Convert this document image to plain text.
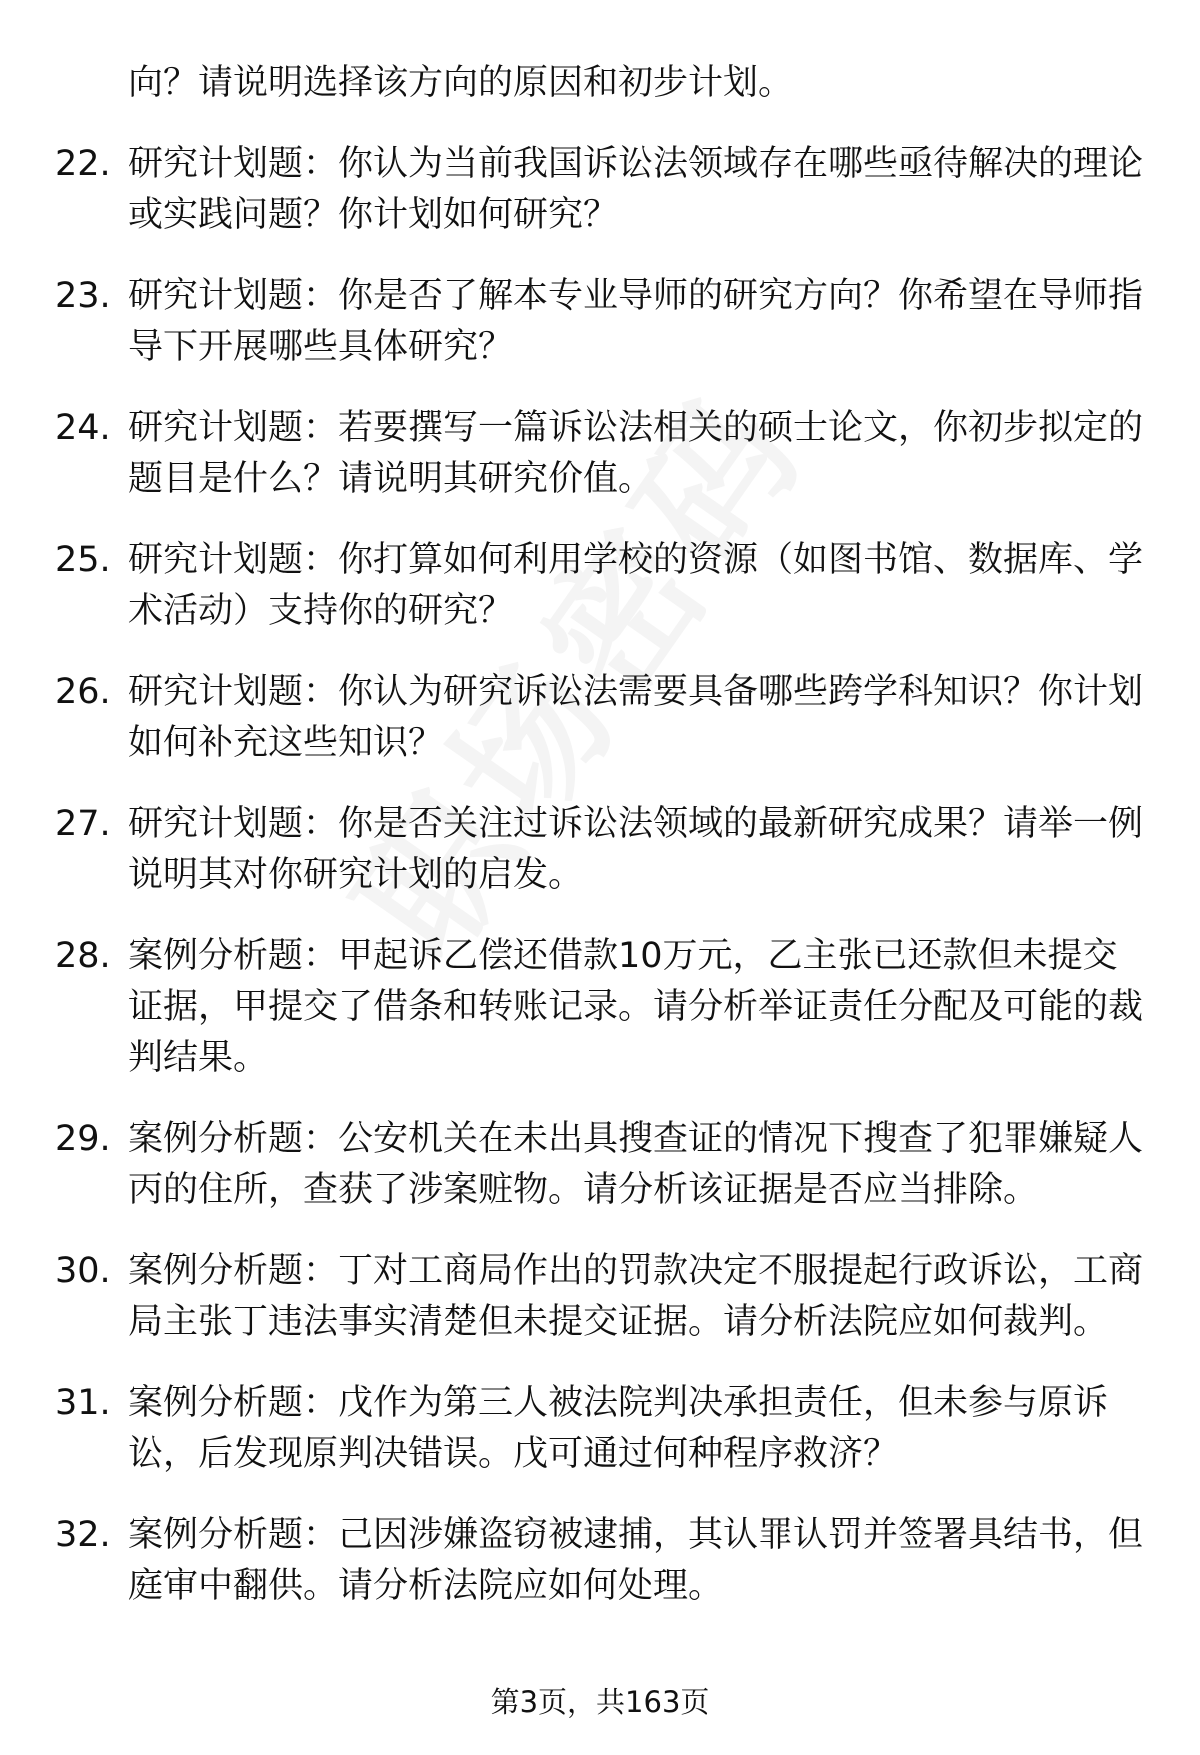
向？请说明选择该方向的原因和初步计划。
22. 研究计划题：你认为当前我国诉讼法领域存在哪些亟待解决的理论或实践问题？你计划如何研究？
23. 研究计划题：你是否了解本专业导师的研究方向？你希望在导师指导下开展哪些具体研究？
24. 研究计划题：若要撰写一篇诉讼法相关的硕士论文，你初步拟定的题目是什么？请说明其研究价值。
25. 研究计划题：你打算如何利用学校的资源（如图书馆、数据库、学术活动）支持你的研究？
26. 研究计划题：你认为研究诉讼法需要具备哪些跨学科知识？你计划如何补充这些知识？
27. 研究计划题：你是否关注过诉讼法领域的最新研究成果？请举一例说明其对你研究计划的启发。
28. 案例分析题：甲起诉乙偿还借款10万元，乙主张已还款但未提交证据，甲提交了借条和转账记录。请分析举证责任分配及可能的裁判结果。
29. 案例分析题：公安机关在未出具搜查证的情况下搜查了犯罪嫌疑人丙的住所，查获了涉案赃物。请分析该证据是否应当排除。
30. 案例分析题：丁对工商局作出的罚款决定不服提起行政诉讼，工商局主张丁违法事实清楚但未提交证据。请分析法院应如何裁判。
31. 案例分析题：戊作为第三人被法院判决承担责任，但未参与原诉讼，后发现原判决错误。戊可通过何种程序救济？
32. 案例分析题：己因涉嫌盗窃被逮捕，其认罪认罚并签署具结书，但庭审中翻供。请分析法院应如何处理。
第3页，共163页
